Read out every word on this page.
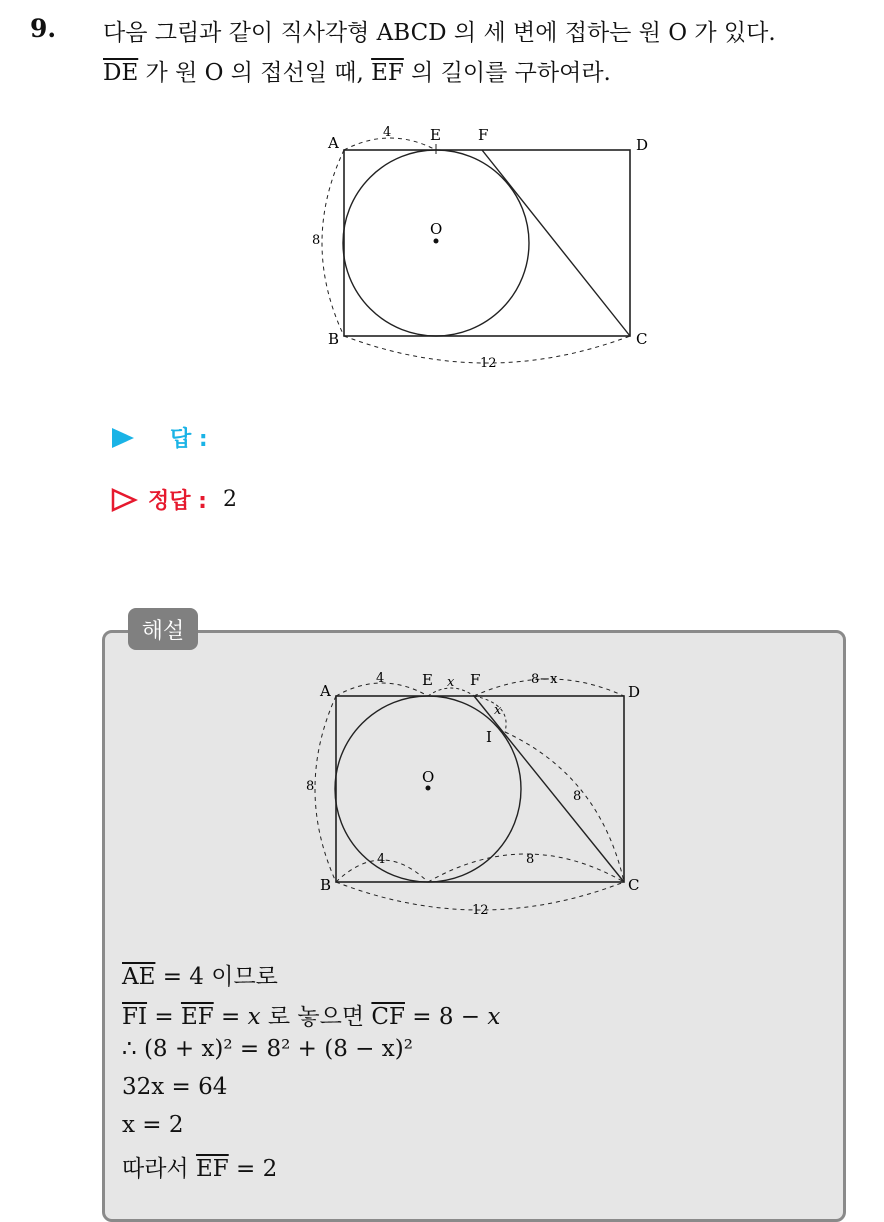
9. 다음 그림과 같이 직사각형 ABCD 의 세 변에 접하는 원 O 가 있다.
$\overline{DE}$ 가 원 O 의 접선일 때, $\overline{EF}$ 의 길이를 구하여라.
A	E F
D
O
B	C
4
8
12
답 :
정답 : 2
해설
A
E F
D
I
O
B	C
4	x	8−x
x
8
8
4	8
12
$\overline{AE} = 4$ 이므로
$\overline{FI} = \overline{EF} = x$ 로 놓으면 $\overline{CF} = 8 - x$
∴ (8 + x)² = 8² + (8 − x)²
32x = 64
x = 2
따라서 $\overline{EF} = 2$
